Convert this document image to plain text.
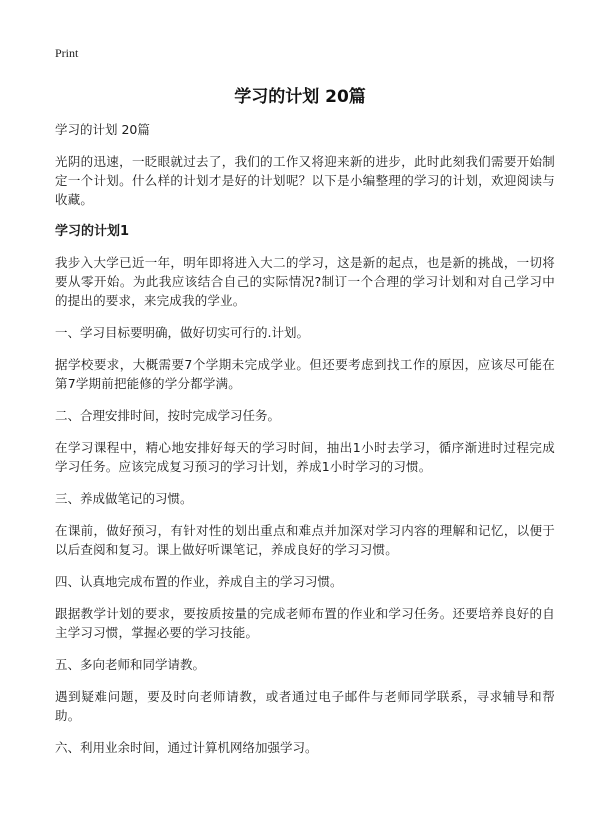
Print
学习的计划 20篇

学习的计划 20篇

光阴的迅速，一眨眼就过去了，我们的工作又将迎来新的进步，此时此刻我们需要开始制定一个计划。什么样的计划才是好的计划呢？以下是小编整理的学习的计划，欢迎阅读与收藏。

学习的计划1

我步入大学已近一年，明年即将进入大二的学习，这是新的起点，也是新的挑战，一切将要从零开始。为此我应该结合自己的实际情况?制订一个合理的学习计划和对自己学习中的提出的要求，来完成我的学业。

一、学习目标要明确，做好切实可行的.计划。

据学校要求，大概需要7个学期未完成学业。但还要考虑到找工作的原因，应该尽可能在第7学期前把能修的学分都学满。

二、合理安排时间，按时完成学习任务。

在学习课程中，精心地安排好每天的学习时间，抽出1小时去学习，循序渐进时过程完成学习任务。应该完成复习预习的学习计划，养成1小时学习的习惯。

三、养成做笔记的习惯。

在课前，做好预习，有针对性的划出重点和难点并加深对学习内容的理解和记忆，以便于以后查阅和复习。课上做好听课笔记，养成良好的学习习惯。

四、认真地完成布置的作业，养成自主的学习习惯。

跟据教学计划的要求，要按质按量的完成老师布置的作业和学习任务。还要培养良好的自主学习习惯，掌握必要的学习技能。

五、多向老师和同学请教。

遇到疑难问题，要及时向老师请教，或者通过电子邮件与老师同学联系，寻求辅导和帮助。

六、利用业余时间，通过计算机网络加强学习。
